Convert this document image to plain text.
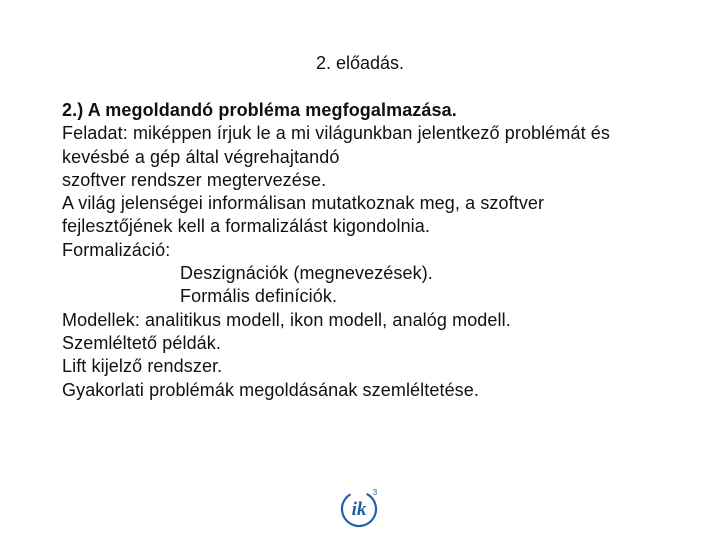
2. előadás.
2.) A megoldandó probléma megfogalmazása.
Feladat: miképpen írjuk le a mi világunkban jelentkező problémát és
kevésbé a gép által végrehajtandó
szoftver rendszer megtervezése.
A világ jelenségei informálisan mutatkoznak meg, a szoftver
fejlesztőjének kell a formalizálást kigondolnia.
Formalizáció:
Deszignációk (megnevezések).
Formális definíciók.
Modellek: analitikus modell, ikon modell, analóg modell.
Szemléltető példák.
Lift kijelző rendszer.
Gyakorlati problémák megoldásának szemléltetése.
ik
3
